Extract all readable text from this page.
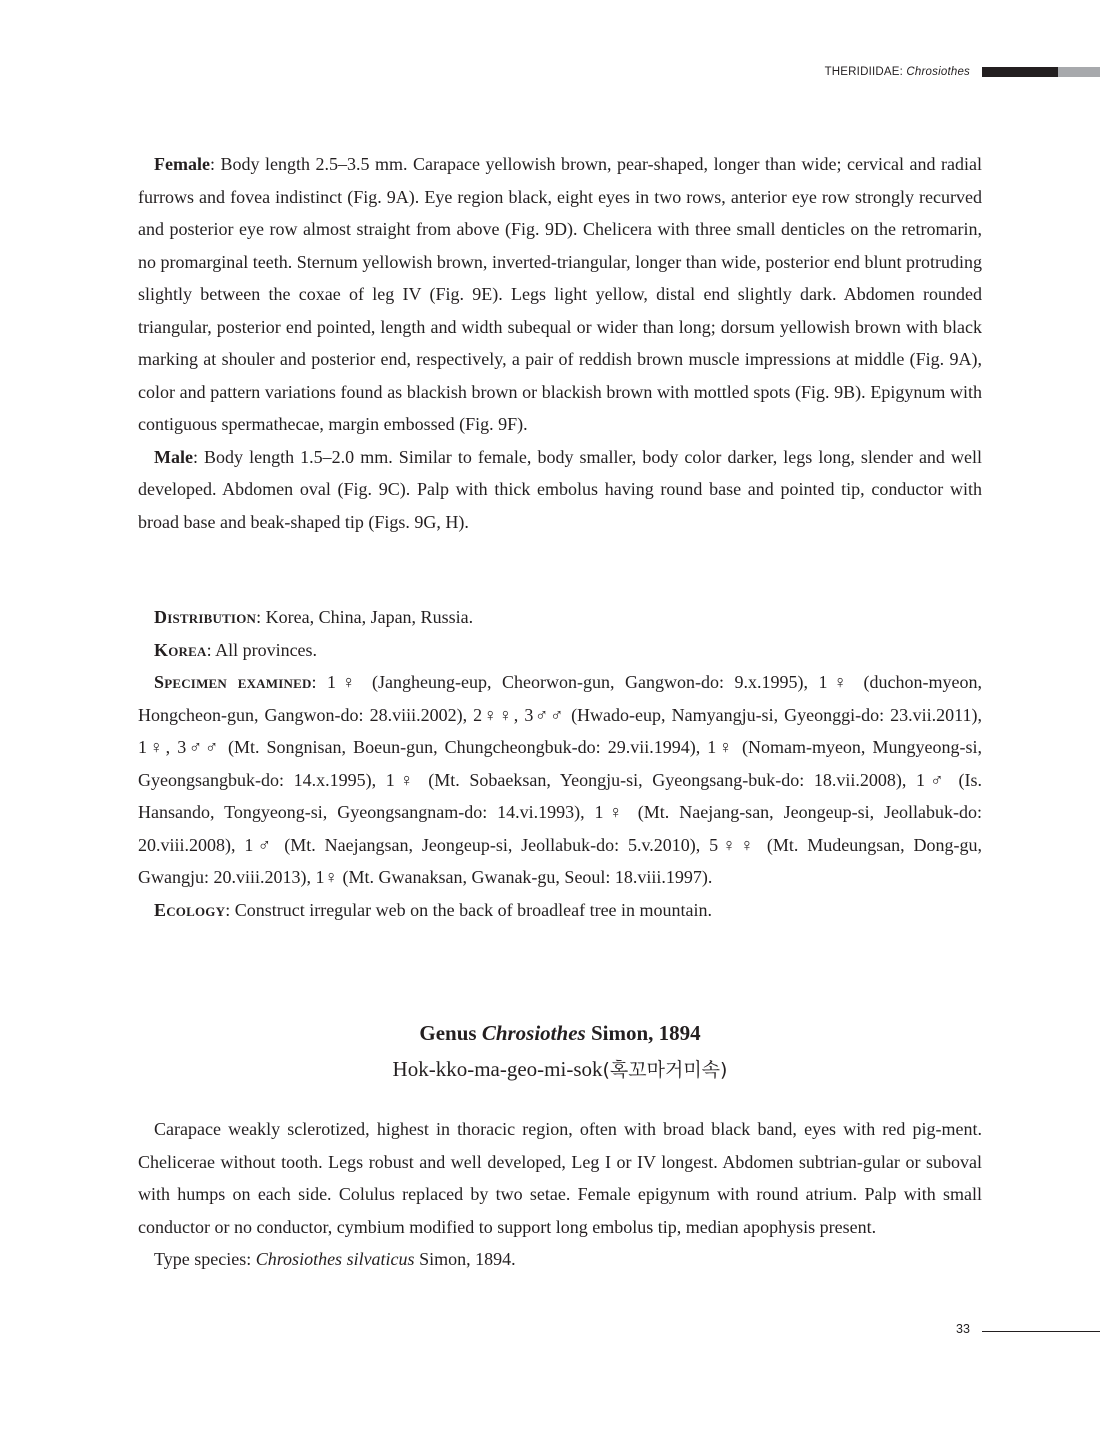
THERIDIIDAE: Chrosiothes

Female: Body length 2.5–3.5 mm. Carapace yellowish brown, pear-shaped, longer than wide; cervical and radial furrows and fovea indistinct (Fig. 9A). Eye region black, eight eyes in two rows, anterior eye row strongly recurved and posterior eye row almost straight from above (Fig. 9D). Chelicera with three small denticles on the retromarin, no promarginal teeth. Sternum yellowish brown, inverted-triangular, longer than wide, posterior end blunt protruding slightly between the coxae of leg IV (Fig. 9E). Legs light yellow, distal end slightly dark. Abdomen rounded triangular, posterior end pointed, length and width subequal or wider than long; dorsum yellowish brown with black marking at shouler and posterior end, respectively, a pair of reddish brown muscle impressions at middle (Fig. 9A), color and pattern variations found as blackish brown or blackish brown with mottled spots (Fig. 9B). Epigynum with contiguous spermathecae, margin embossed (Fig. 9F).

Male: Body length 1.5–2.0 mm. Similar to female, body smaller, body color darker, legs long, slender and well developed. Abdomen oval (Fig. 9C). Palp with thick embolus having round base and pointed tip, conductor with broad base and beak-shaped tip (Figs. 9G, H).

Distribution: Korea, China, Japan, Russia.

Korea: All provinces.

Specimen examined: 1♀ (Jangheung-eup, Cheorwon-gun, Gangwon-do: 9.x.1995), 1♀ (duchon-myeon, Hongcheon-gun, Gangwon-do: 28.viii.2002), 2♀♀, 3♂♂ (Hwado-eup, Namyangju-si, Gyeonggi-do: 23.vii.2011), 1♀, 3♂♂ (Mt. Songnisan, Boeun-gun, Chungcheongbuk-do: 29.vii.1994), 1♀ (Nomam-myeon, Mungyeong-si, Gyeongsangbuk-do: 14.x.1995), 1♀ (Mt. Sobaeksan, Yeongju-si, Gyeongsang-buk-do: 18.vii.2008), 1♂ (Is. Hansando, Tongyeong-si, Gyeongsangnam-do: 14.vi.1993), 1♀ (Mt. Naejang-san, Jeongeup-si, Jeollabuk-do: 20.viii.2008), 1♂ (Mt. Naejangsan, Jeongeup-si, Jeollabuk-do: 5.v.2010), 5♀♀ (Mt. Mudeungsan, Dong-gu, Gwangju: 20.viii.2013), 1♀ (Mt. Gwanaksan, Gwanak-gu, Seoul: 18.viii.1997).

Ecology: Construct irregular web on the back of broadleaf tree in mountain.

Genus Chrosiothes Simon, 1894
Hok-kko-ma-geo-mi-sok(혹꼬마거미속)

Carapace weakly sclerotized, highest in thoracic region, often with broad black band, eyes with red pig-ment. Chelicerae without tooth. Legs robust and well developed, Leg I or IV longest. Abdomen subtrian-gular or suboval with humps on each side. Colulus replaced by two setae. Female epigynum with round atrium. Palp with small conductor or no conductor, cymbium modified to support long embolus tip, median apophysis present.

Type species: Chrosiothes silvaticus Simon, 1894.

33
